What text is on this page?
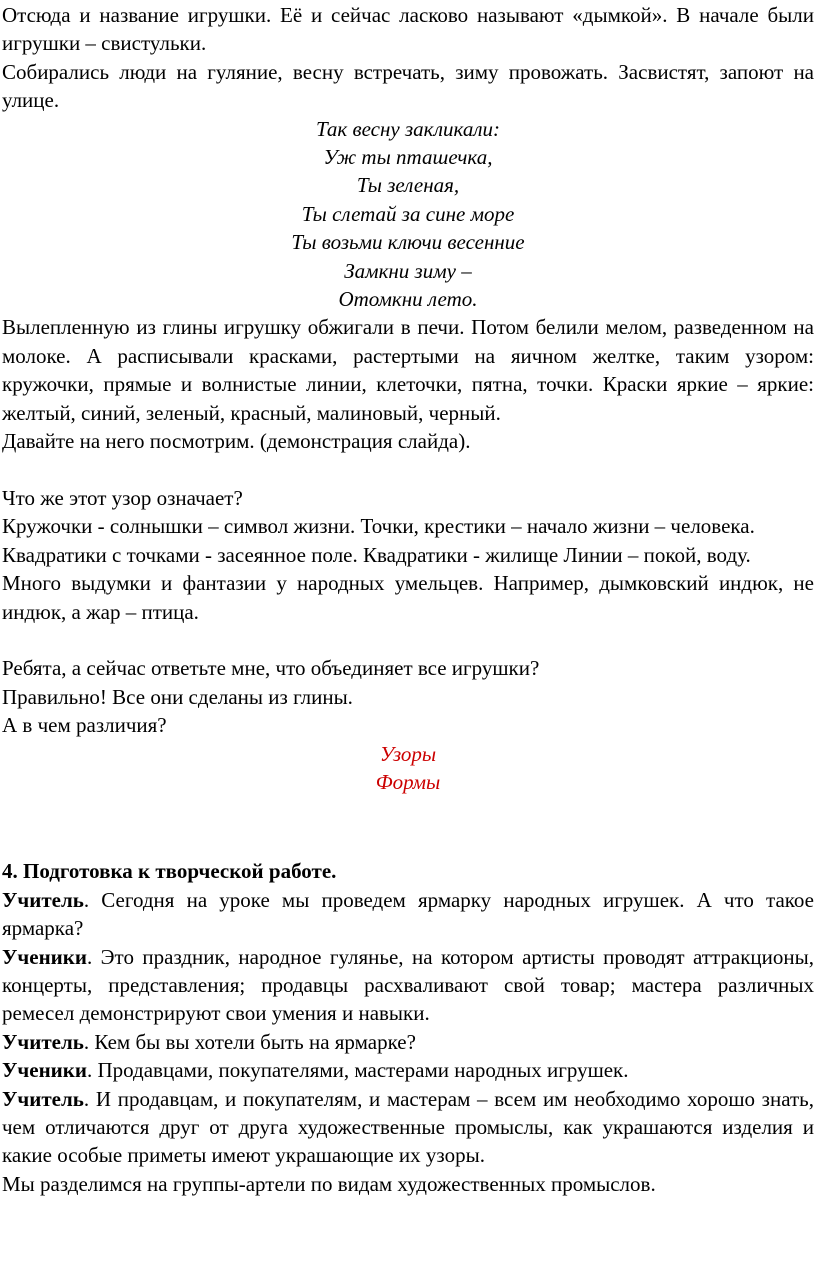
Отсюда и название игрушки. Её и сейчас ласково называют «дымкой». В начале были игрушки – свистульки.

Собирались люди на гуляние, весну встречать, зиму провожать. Засвистят, запоют на улице.

Так весну закликали:

Уж ты пташечка,

Ты зеленая,

Ты слетай за сине море

Ты возьми ключи весенние

Замкни зиму –

Отомкни лето.

Вылепленную из глины игрушку обжигали в печи. Потом белили мелом, разведенном на молоке. А расписывали красками, растертыми на яичном желтке, таким узором: кружочки, прямые и волнистые линии, клеточки, пятна, точки. Краски яркие – яркие: желтый, синий, зеленый, красный, малиновый, черный.

Давайте на него посмотрим. (демонстрация слайда).

Что же этот узор означает?

Кружочки - солнышки – символ жизни. Точки, крестики – начало жизни – человека.

Квадратики с точками - засеянное поле. Квадратики - жилище Линии – покой, воду.

Много выдумки и фантазии у народных умельцев. Например, дымковский индюк, не индюк, а жар – птица.

Ребята, а сейчас ответьте мне, что объединяет все игрушки?

Правильно! Все они сделаны из глины.

А в чем различия?

Узоры

Формы

4. Подготовка к творческой работе.

Учитель. Сегодня на уроке мы проведем ярмарку народных игрушек. А что такое ярмарка?

Ученики. Это праздник, народное гулянье, на котором артисты проводят аттракционы, концерты, представления; продавцы расхваливают свой товар; мастера различных ремесел демонстрируют свои умения и навыки.

Учитель. Кем бы вы хотели быть на ярмарке?

Ученики. Продавцами, покупателями, мастерами народных игрушек.

Учитель. И продавцам, и покупателям, и мастерам – всем им необходимо хорошо знать, чем отличаются друг от друга художественные промыслы, как украшаются изделия и какие особые приметы имеют украшающие их узоры.

Мы разделимся на группы-артели по видам художественных промыслов.
